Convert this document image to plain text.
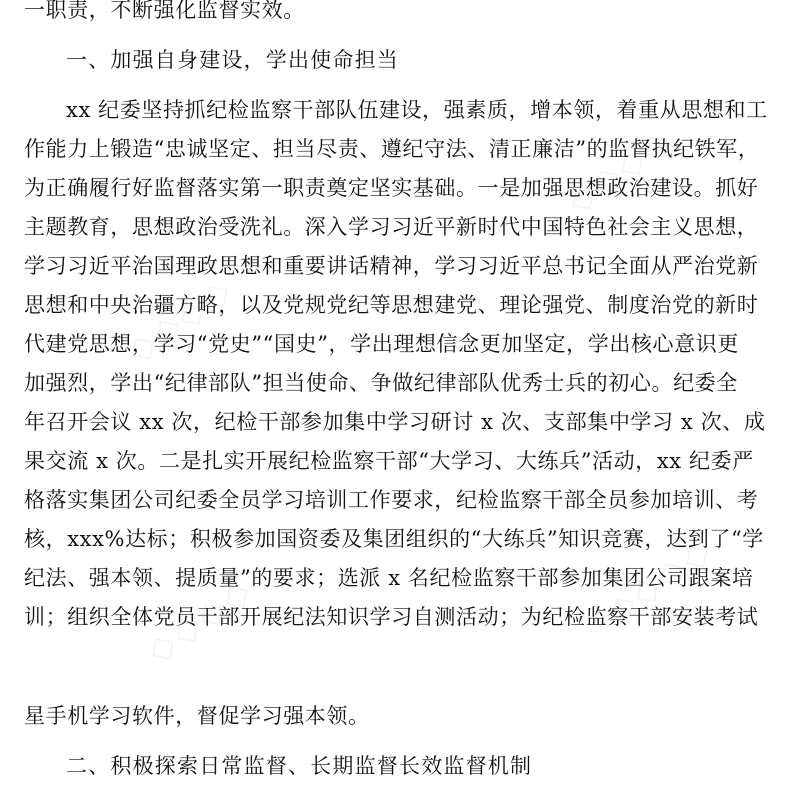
一职责，不断强化监督实效。
一、加强自身建设，学出使命担当
xx 纪委坚持抓纪检监察干部队伍建设，强素质，增本领，着重从思想和工
作能力上锻造“忠诚坚定、担当尽责、遵纪守法、清正廉洁”的监督执纪铁军，
为正确履行好监督落实第一职责奠定坚实基础。一是加强思想政治建设。抓好
主题教育，思想政治受洗礼。深入学习习近平新时代中国特色社会主义思想，
学习习近平治国理政思想和重要讲话精神，学习习近平总书记全面从严治党新
思想和中央治疆方略，以及党规党纪等思想建党、理论强党、制度治党的新时
代建党思想，学习“党史”“国史”，学出理想信念更加坚定，学出核心意识更
加强烈，学出“纪律部队”担当使命、争做纪律部队优秀士兵的初心。纪委全
年召开会议 xx 次，纪检干部参加集中学习研讨 x 次、支部集中学习 x 次、成
果交流 x 次。二是扎实开展纪检监察干部“大学习、大练兵”活动，xx 纪委严
格落实集团公司纪委全员学习培训工作要求，纪检监察干部全员参加培训、考
核，xxx%达标；积极参加国资委及集团组织的“大练兵”知识竞赛，达到了“学
纪法、强本领、提质量”的要求；选派 x 名纪检监察干部参加集团公司跟案培
训；组织全体党员干部开展纪法知识学习自测活动；为纪检监察干部安装考试
星手机学习软件，督促学习强本领。
二、积极探索日常监督、长期监督长效监督机制
